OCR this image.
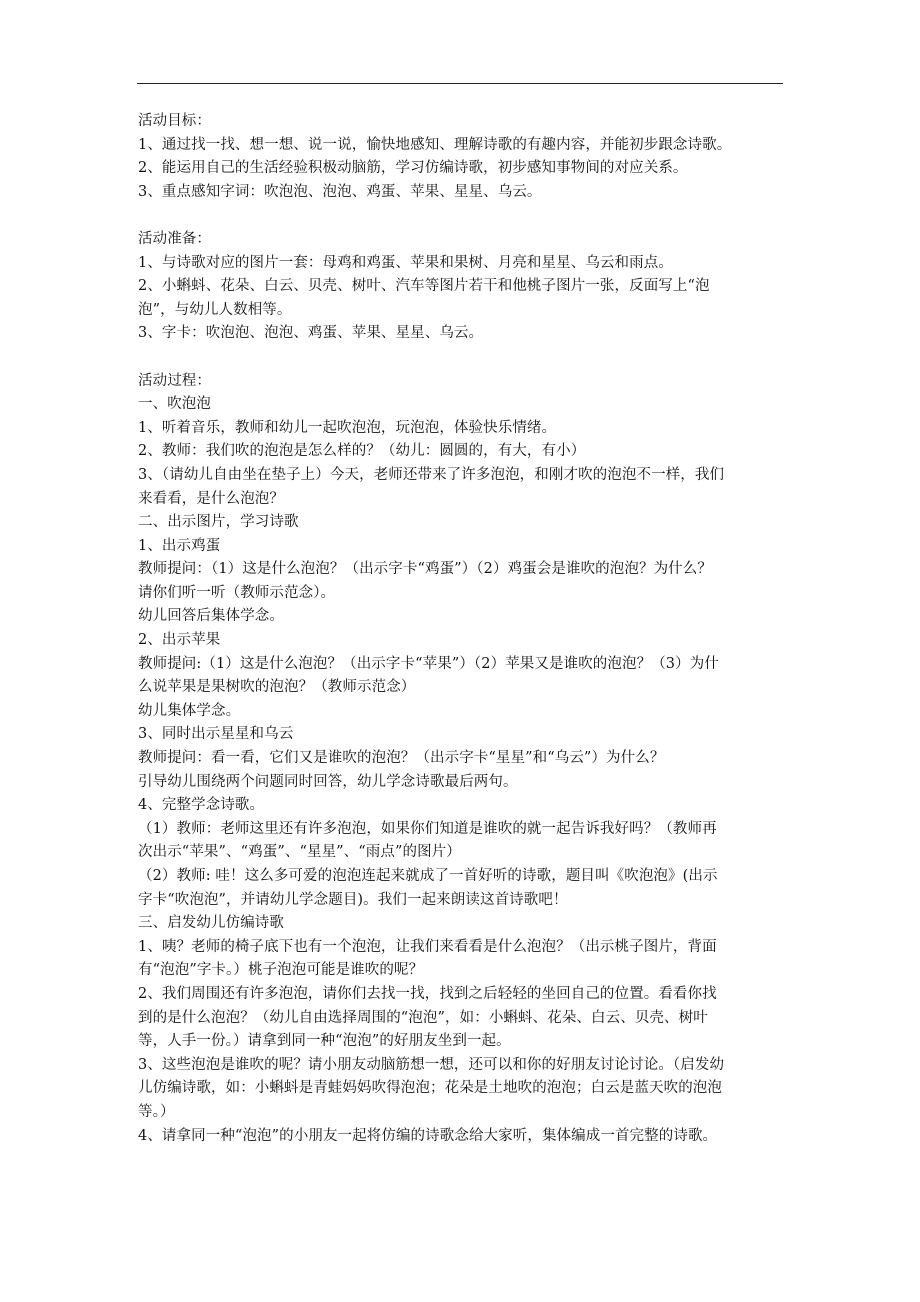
活动目标：

1、通过找一找、想一想、说一说，愉快地感知、理解诗歌的有趣内容，并能初步跟念诗歌。

2、能运用自己的生活经验积极动脑筋，学习仿编诗歌，初步感知事物间的对应关系。

3、重点感知字词：吹泡泡、泡泡、鸡蛋、苹果、星星、乌云。

活动准备：

1、与诗歌对应的图片一套：母鸡和鸡蛋、苹果和果树、月亮和星星、乌云和雨点。

2、小蝌蚪、花朵、白云、贝壳、树叶、汽车等图片若干和他桃子图片一张，反面写上“泡

泡”，与幼儿人数相等。

3、字卡：吹泡泡、泡泡、鸡蛋、苹果、星星、乌云。

活动过程：

一、吹泡泡

1、听着音乐，教师和幼儿一起吹泡泡，玩泡泡，体验快乐情绪。

2、教师：我们吹的泡泡是怎么样的？（幼儿：圆圆的，有大，有小）

3、（请幼儿自由坐在垫子上）今天，老师还带来了许多泡泡，和刚才吹的泡泡不一样，我们

来看看，是什么泡泡？

二、出示图片，学习诗歌

1、出示鸡蛋

教师提问：（1）这是什么泡泡？（出示字卡“鸡蛋”）（2）鸡蛋会是谁吹的泡泡？为什么？

请你们听一听（教师示范念）。

幼儿回答后集体学念。

2、出示苹果

教师提问:（1）这是什么泡泡？（出示字卡“苹果”）（2）苹果又是谁吹的泡泡？（3）为什

么说苹果是果树吹的泡泡？（教师示范念）

幼儿集体学念。

3、同时出示星星和乌云

教师提问：看一看，它们又是谁吹的泡泡？（出示字卡“星星”和“乌云”）为什么？

引导幼儿围绕两个问题同时回答，幼儿学念诗歌最后两句。

4、完整学念诗歌。

（1）教师：老师这里还有许多泡泡，如果你们知道是谁吹的就一起告诉我好吗？（教师再

次出示“苹果”、“鸡蛋”、“星星”、“雨点”的图片）

（2）教师: 哇！这么多可爱的泡泡连起来就成了一首好听的诗歌，题目叫《吹泡泡》(出示

字卡“吹泡泡”，并请幼儿学念题目)。我们一起来朗读这首诗歌吧！

三、启发幼儿仿编诗歌

1、咦？老师的椅子底下也有一个泡泡，让我们来看看是什么泡泡？（出示桃子图片，背面

有“泡泡”字卡。）桃子泡泡可能是谁吹的呢？

2、我们周围还有许多泡泡，请你们去找一找，找到之后轻轻的坐回自己的位置。看看你找

到的是什么泡泡？（幼儿自由选择周围的“泡泡”，如：小蝌蚪、花朵、白云、贝壳、树叶

等，人手一份。）请拿到同一种“泡泡”的好朋友坐到一起。

3、这些泡泡是谁吹的呢？请小朋友动脑筋想一想，还可以和你的好朋友讨论讨论。（启发幼

儿仿编诗歌，如：小蝌蚪是青蛙妈妈吹得泡泡；花朵是土地吹的泡泡；白云是蓝天吹的泡泡

等。）

4、请拿同一种“泡泡”的小朋友一起将仿编的诗歌念给大家听，集体编成一首完整的诗歌。
